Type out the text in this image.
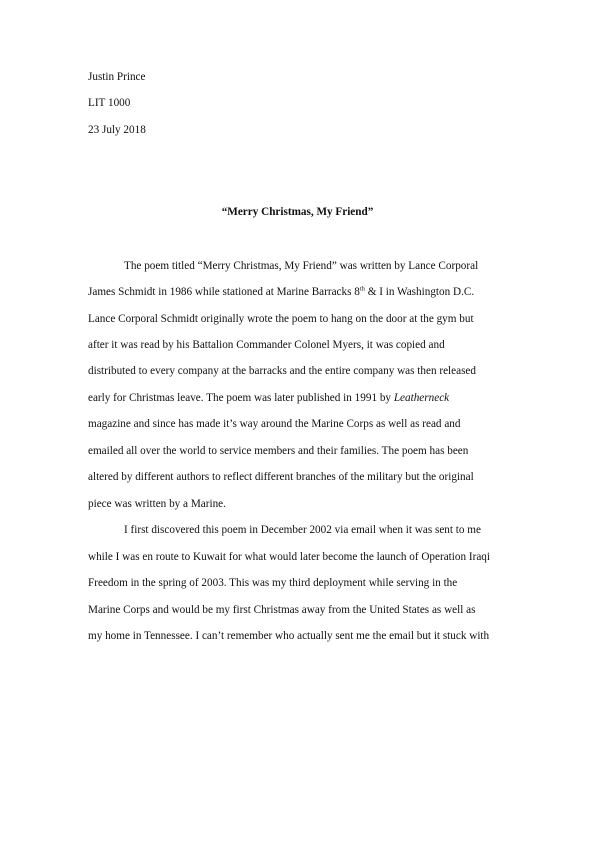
Justin Prince
LIT 1000
23 July 2018
“Merry Christmas, My Friend”
The poem titled “Merry Christmas, My Friend” was written by Lance Corporal
James Schmidt in 1986 while stationed at Marine Barracks 8th & I in Washington D.C.
Lance Corporal Schmidt originally wrote the poem to hang on the door at the gym but
after it was read by his Battalion Commander Colonel Myers, it was copied and
distributed to every company at the barracks and the entire company was then released
early for Christmas leave. The poem was later published in 1991 by Leatherneck
magazine and since has made it’s way around the Marine Corps as well as read and
emailed all over the world to service members and their families. The poem has been
altered by different authors to reflect different branches of the military but the original
piece was written by a Marine.
I first discovered this poem in December 2002 via email when it was sent to me
while I was en route to Kuwait for what would later become the launch of Operation Iraqi
Freedom in the spring of 2003. This was my third deployment while serving in the
Marine Corps and would be my first Christmas away from the United States as well as
my home in Tennessee. I can’t remember who actually sent me the email but it stuck with
